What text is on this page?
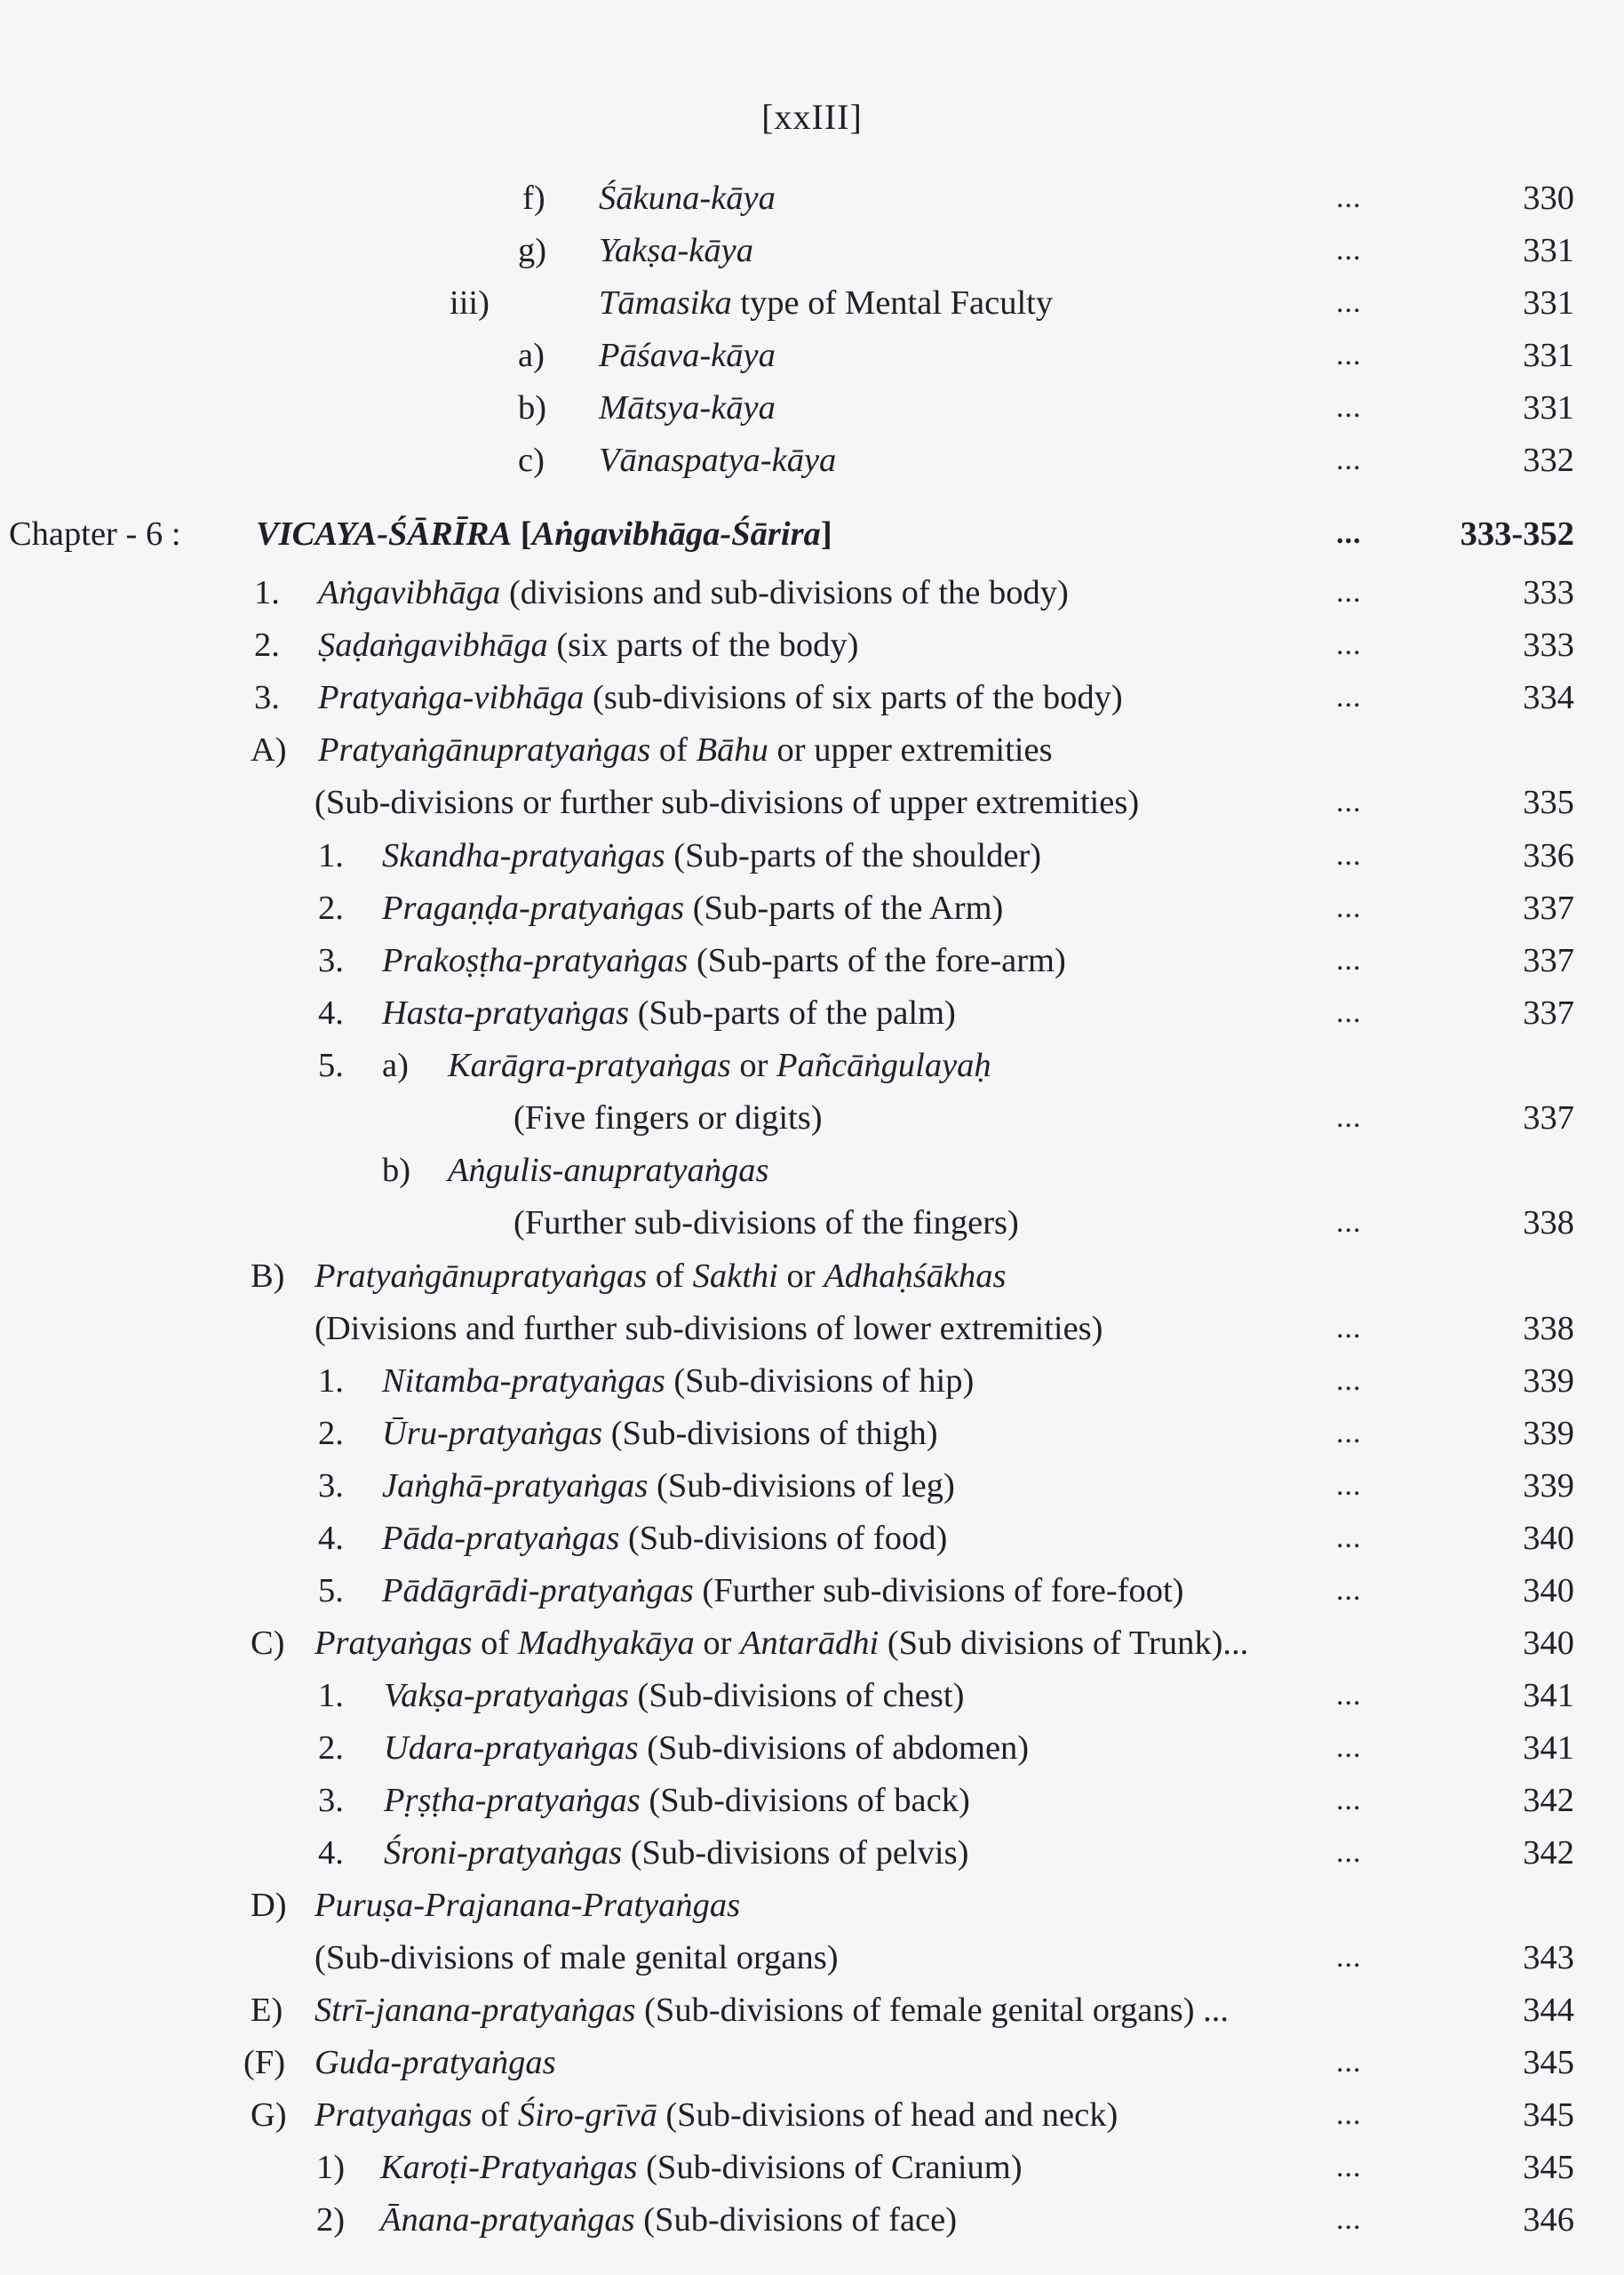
[xxIII]
f) Śākuna-kāya	...	330
g) Yakṣa-kāya	...	331
iii)	Tāmasika type of Mental Faculty	...	331
a) Pāśava-kāya	...	331
b) Mātsya-kāya	...	331
c) Vānaspatya-kāya	...	332
Chapter - 6 : VICAYA-ŚĀRĪRA [Aṅgavibhāga-Śārira]	...	333-352
1. Aṅgavibhāga (divisions and sub-divisions of the body)	...	333
2. Ṣaḍaṅgavibhāga (six parts of the body)	...	333
3. Pratyaṅga-vibhāga (sub-divisions of six parts of the body)	...	334
A) Pratyaṅgānupratyaṅgas of Bāhu or upper extremities
(Sub-divisions or further sub-divisions of upper extremities)	...	335
1. Skandha-pratyaṅgas (Sub-parts of the shoulder)	...	336
2. Pragaṇḍa-pratyaṅgas (Sub-parts of the Arm)	...	337
3. Prakoṣṭha-pratyaṅgas (Sub-parts of the fore-arm)	...	337
4. Hasta-pratyaṅgas (Sub-parts of the palm)	...	337
5. a) Karāgra-pratyaṅgas or Pañcāṅgulayaḥ
(Five fingers or digits)	...	337
b) Aṅgulis-anupratyaṅgas
(Further sub-divisions of the fingers)	...	338
B) Pratyaṅgānupratyaṅgas of Sakthi or Adhaḥśākhas
(Divisions and further sub-divisions of lower extremities)	...	338
1. Nitamba-pratyaṅgas (Sub-divisions of hip)	...	339
2. Ūru-pratyaṅgas (Sub-divisions of thigh)	...	339
3. Jaṅghā-pratyaṅgas (Sub-divisions of leg)	...	339
4. Pāda-pratyaṅgas (Sub-divisions of food)	...	340
5. Pādāgrādi-pratyaṅgas (Further sub-divisions of fore-foot)	...	340
C) Pratyaṅgas of Madhyakāya or Antarādhi (Sub divisions of Trunk)...	340
1. Vakṣa-pratyaṅgas (Sub-divisions of chest)	...	341
2. Udara-pratyaṅgas (Sub-divisions of abdomen)	...	341
3. Pṛṣṭha-pratyaṅgas (Sub-divisions of back)	...	342
4. Śroni-pratyaṅgas (Sub-divisions of pelvis)	...	342
D) Puruṣa-Prajanana-Pratyaṅgas
(Sub-divisions of male genital organs)	...	343
E) Strī-janana-pratyaṅgas (Sub-divisions of female genital organs) ...	344
(F) Guda-pratyaṅgas	...	345
G) Pratyaṅgas of Śiro-grīvā (Sub-divisions of head and neck)	...	345
1) Karoṭi-Pratyaṅgas (Sub-divisions of Cranium)	...	345
2) Ānana-pratyaṅgas (Sub-divisions of face)	...	346
